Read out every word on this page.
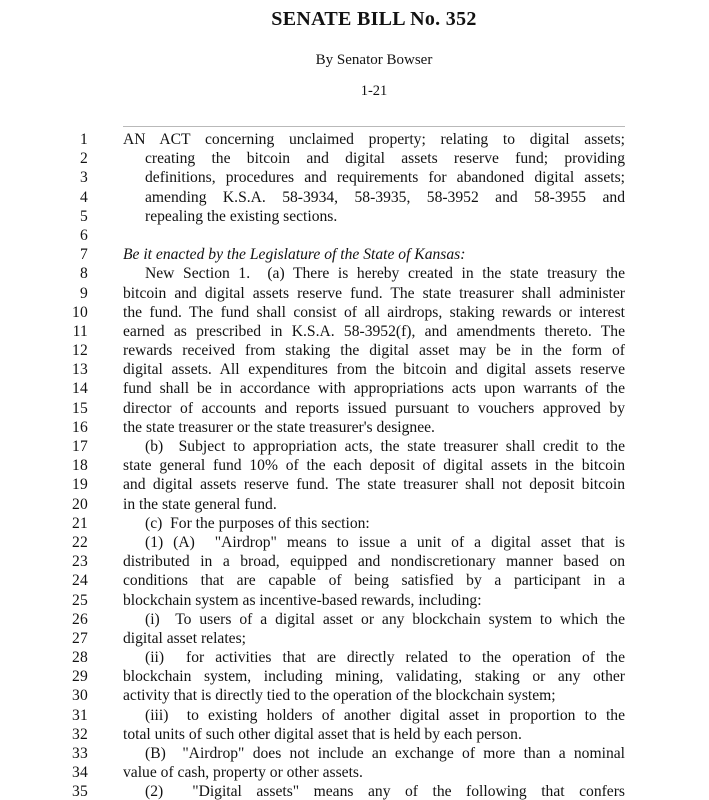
SENATE BILL No. 352
By Senator Bowser
1-21
1 AN ACT concerning unclaimed property; relating to digital assets;
2	creating the bitcoin and digital assets reserve fund; providing
3	definitions, procedures and requirements for abandoned digital assets;
4	amending K.S.A. 58-3934, 58-3935, 58-3952 and 58-3955 and
5	repealing the existing sections.
6
7 Be it enacted by the Legislature of the State of Kansas:
8	New Section 1.  (a) There is hereby created in the state treasury the
9 bitcoin and digital assets reserve fund. The state treasurer shall administer
10 the fund. The fund shall consist of all airdrops, staking rewards or interest
11 earned as prescribed in K.S.A. 58-3952(f), and amendments thereto. The
12 rewards received from staking the digital asset may be in the form of
13 digital assets. All expenditures from the bitcoin and digital assets reserve
14 fund shall be in accordance with appropriations acts upon warrants of the
15 director of accounts and reports issued pursuant to vouchers approved by
16 the state treasurer or the state treasurer's designee.
17	(b)  Subject to appropriation acts, the state treasurer shall credit to the
18 state general fund 10% of the each deposit of digital assets in the bitcoin
19 and digital assets reserve fund. The state treasurer shall not deposit bitcoin
20 in the state general fund.
21	(c)  For the purposes of this section:
22	(1) (A)  "Airdrop" means to issue a unit of a digital asset that is
23 distributed in a broad, equipped and nondiscretionary manner based on
24 conditions that are capable of being satisfied by a participant in a
25 blockchain system as incentive-based rewards, including:
26	(i)  To users of a digital asset or any blockchain system to which the
27 digital asset relates;
28	(ii)  for activities that are directly related to the operation of the
29 blockchain system, including mining, validating, staking or any other
30 activity that is directly tied to the operation of the blockchain system;
31	(iii)  to existing holders of another digital asset in proportion to the
32 total units of such other digital asset that is held by each person.
33	(B)  "Airdrop" does not include an exchange of more than a nominal
34 value of cash, property or other assets.
35	(2)  "Digital assets" means any of the following that confers
